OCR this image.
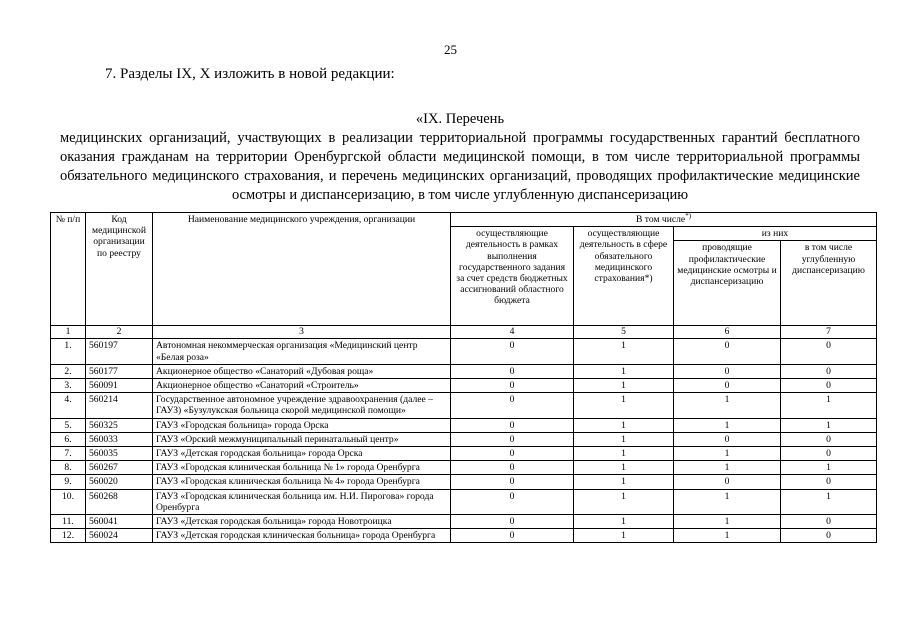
25
7. Разделы IX, X изложить в новой редакции:
«IX. Перечень
медицинских организаций, участвующих в реализации территориальной программы государственных гарантий бесплатного оказания гражданам на территории Оренбургской области медицинской помощи, в том числе территориальной программы обязательного медицинского страхования, и перечень медицинских организаций, проводящих профилактические медицинские осмотры и диспансеризацию, в том числе углубленную диспансеризацию
№ п/п	Код медицинской организации по реестру	Наименование медицинского учреждения, организации	В том числе*)
			осуществляющие деятельность в рамках выполнения государственного задания за счет средств бюджетных ассигнований областного бюджета	осуществляющие деятельность в сфере обязательного медицинского страхования*)	из них	
					проводящие профилактические медицинские осмотры и диспансеризацию	в том числе углубленную диспансеризацию
1	2	3	4	5	6	7
1.	560197	Автономная некоммерческая организация «Медицинский центр «Белая роза»	0	1	0	0
2.	560177	Акционерное общество «Санаторий «Дубовая роща»	0	1	0	0
3.	560091	Акционерное общество «Санаторий «Строитель»	0	1	0	0
4.	560214	Государственное автономное учреждение здравоохранения (далее – ГАУЗ) «Бузулукская больница скорой медицинской помощи»	0	1	1	1
5.	560325	ГАУЗ «Городская больница» города Орска	0	1	1	1
6.	560033	ГАУЗ «Орский межмуниципальный перинатальный центр»	0	1	0	0
7.	560035	ГАУЗ «Детская городская больница» города Орска	0	1	1	0
8.	560267	ГАУЗ «Городская клиническая больница № 1» города Оренбурга	0	1	1	1
9.	560020	ГАУЗ «Городская клиническая больница № 4» города Оренбурга	0	1	0	0
10.	560268	ГАУЗ «Городская клиническая больница им. Н.И. Пирогова» города Оренбурга	0	1	1	1
11.	560041	ГАУЗ «Детская городская больница» города Новотроицка	0	1	1	0
12.	560024	ГАУЗ «Детская городская клиническая больница» города Оренбурга	0	1	1	0
